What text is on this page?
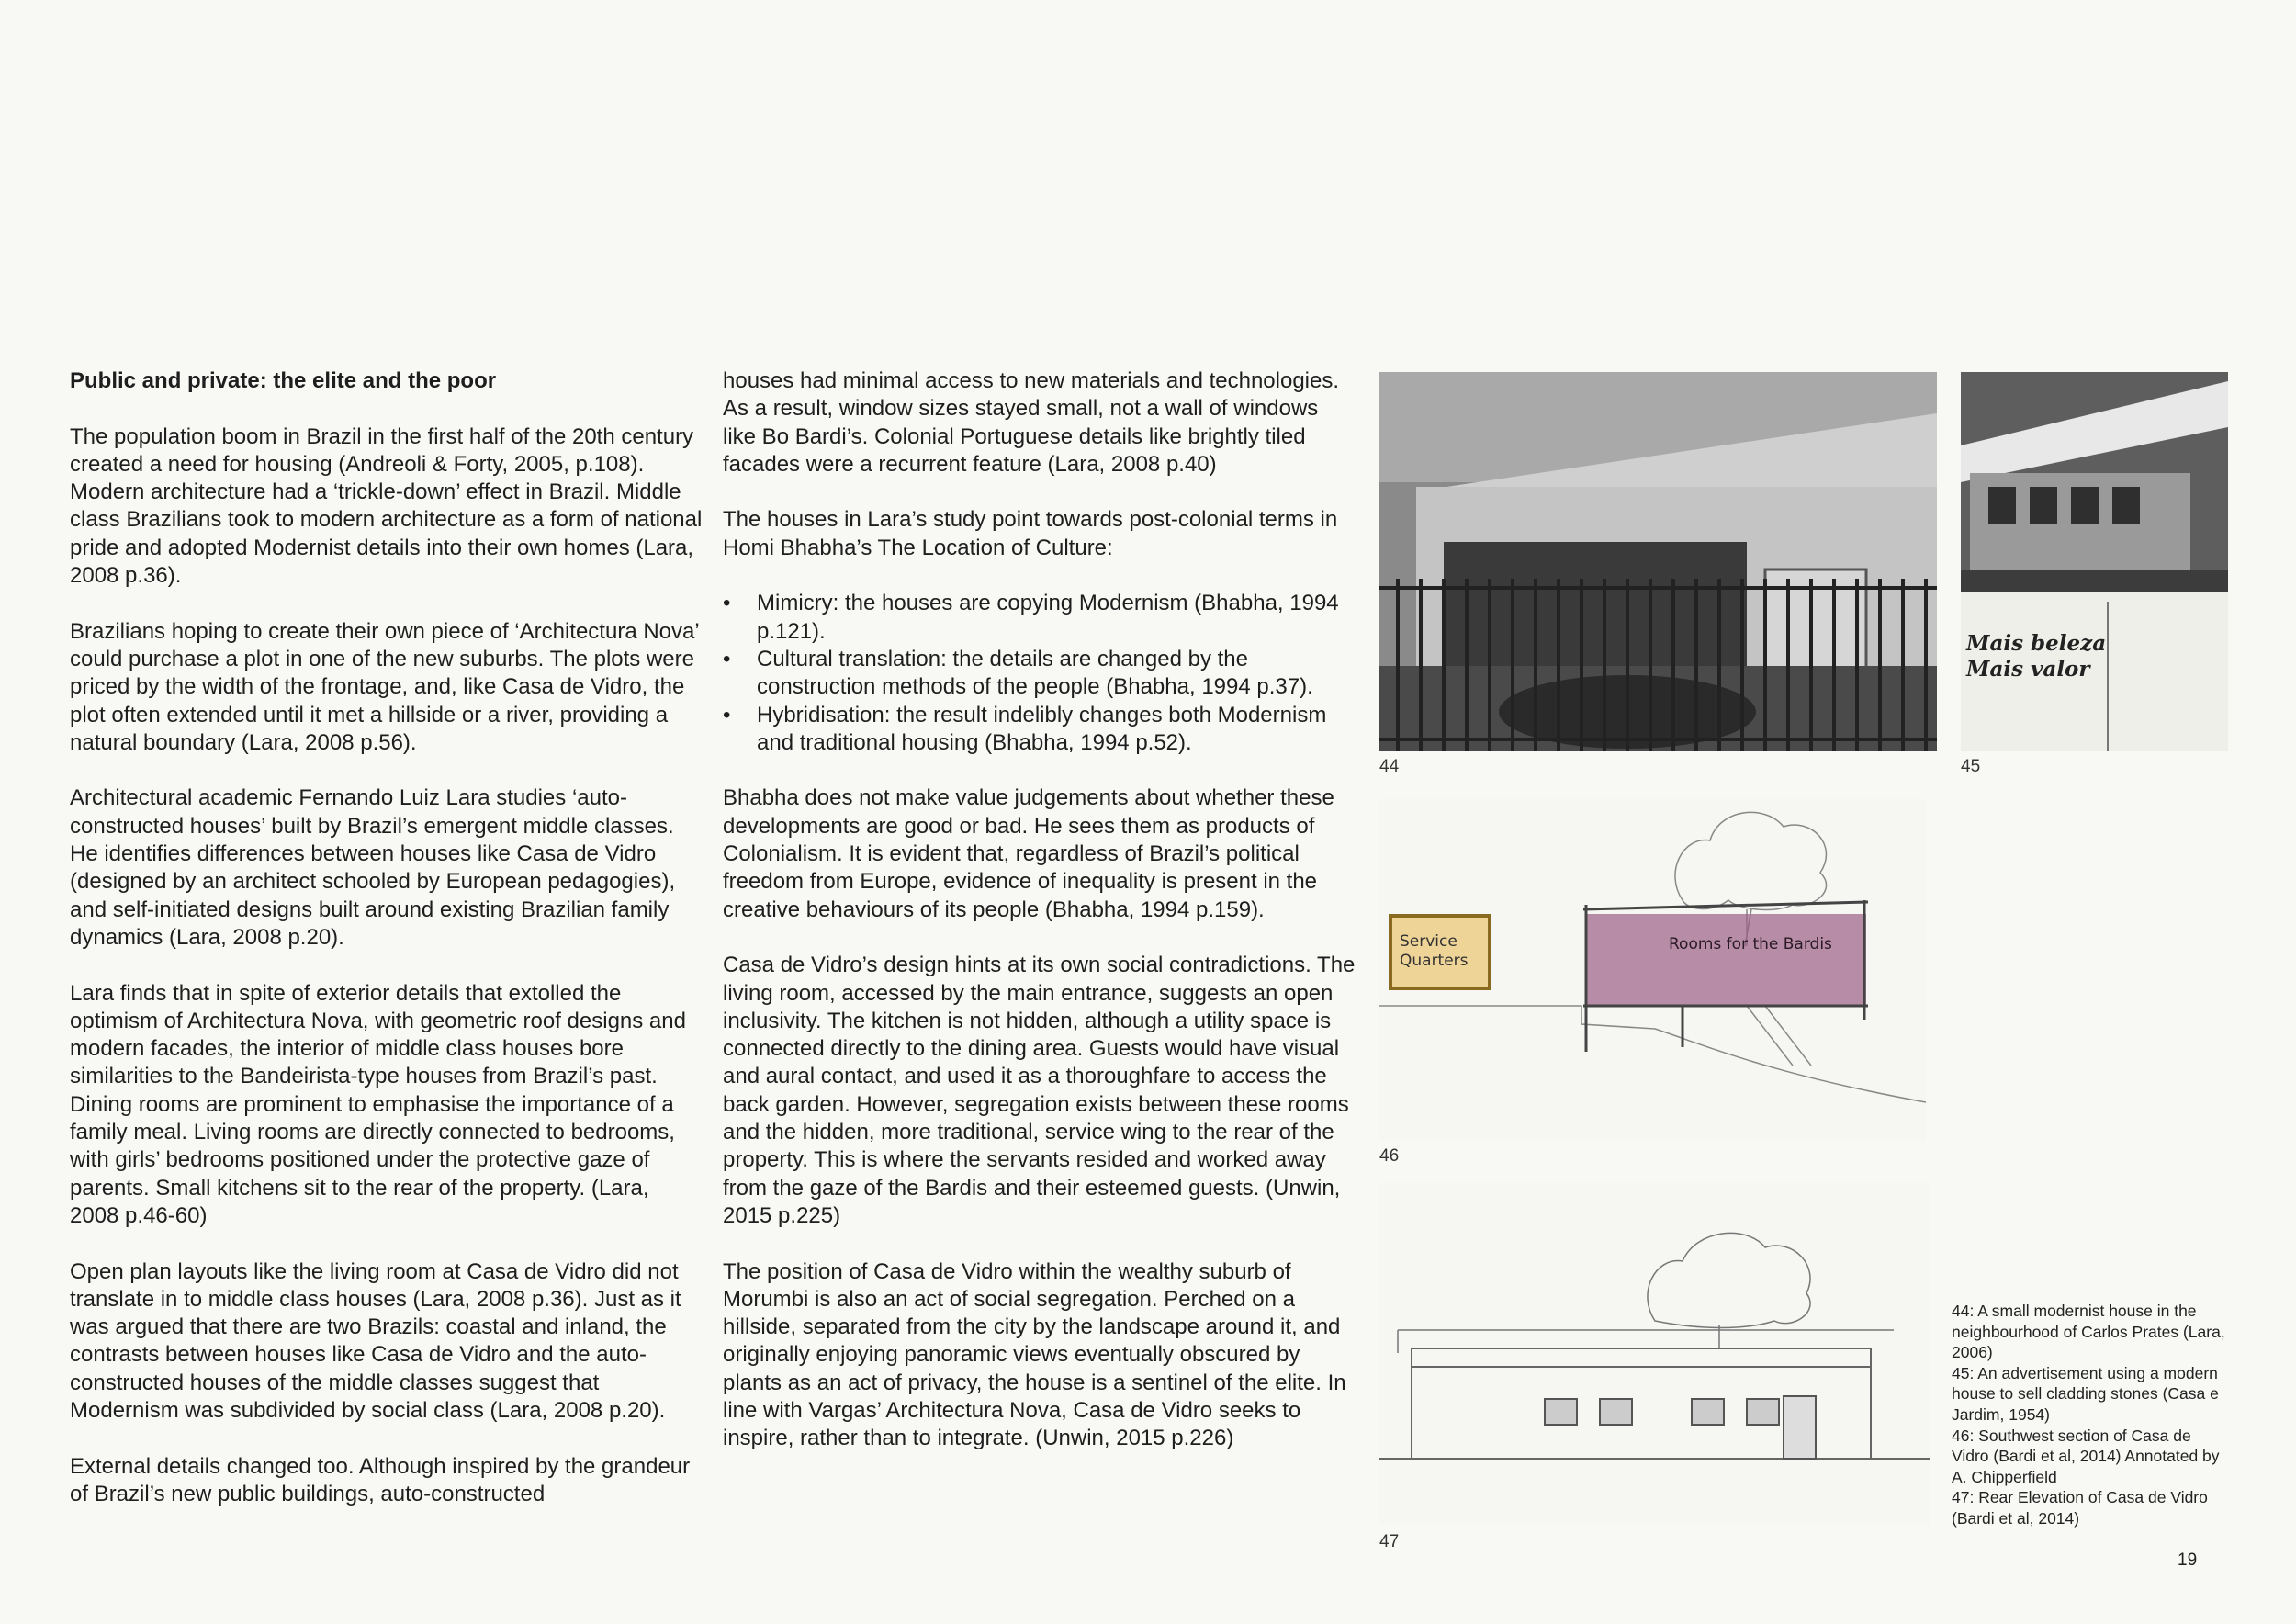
Public and private: the elite and the poor

The population boom in Brazil in the first half of the 20th century created a need for housing (Andreoli & Forty, 2005, p.108). Modern architecture had a ‘trickle-down’ effect in Brazil. Middle class Brazilians took to modern architecture as a form of national pride and adopted Modernist details into their own homes (Lara, 2008 p.36).

Brazilians hoping to create their own piece of ‘Architectura Nova’ could purchase a plot in one of the new suburbs. The plots were priced by the width of the frontage, and, like Casa de Vidro, the plot often extended until it met a hillside or a river, providing a natural boundary (Lara, 2008 p.56).

Architectural academic Fernando Luiz Lara studies ‘auto-constructed houses’ built by Brazil’s emergent middle classes. He identifies differences between houses like Casa de Vidro (designed by an architect schooled by European pedagogies), and self-initiated designs built around existing Brazilian family dynamics (Lara, 2008 p.20).

Lara finds that in spite of exterior details that extolled the optimism of Architectura Nova, with geometric roof designs and modern facades, the interior of middle class houses bore similarities to the Bandeirista-type houses from Brazil’s past. Dining rooms are prominent to emphasise the importance of a family meal. Living rooms are directly connected to bedrooms, with girls’ bedrooms positioned under the protective gaze of parents. Small kitchens sit to the rear of the property. (Lara, 2008 p.46-60)

Open plan layouts like the living room at Casa de Vidro did not translate in to middle class houses (Lara, 2008 p.36). Just as it was argued that there are two Brazils: coastal and inland, the contrasts between houses like Casa de Vidro and the auto-constructed houses of the middle classes suggest that Modernism was subdivided by social class (Lara, 2008 p.20).

External details changed too. Although inspired by the grandeur of Brazil’s new public buildings, auto-constructed

houses had minimal access to new materials and technologies. As a result, window sizes stayed small, not a wall of windows like Bo Bardi’s. Colonial Portuguese details like brightly tiled facades were a recurrent feature (Lara, 2008 p.40)

The houses in Lara’s study point towards post-colonial terms in Homi Bhabha’s The Location of Culture:

• Mimicry: the houses are copying Modernism (Bhabha, 1994 p.121).
• Cultural translation: the details are changed by the construction methods of the people (Bhabha, 1994 p.37).
• Hybridisation: the result indelibly changes both Modernism and traditional housing (Bhabha, 1994 p.52).

Bhabha does not make value judgements about whether these developments are good or bad. He sees them as products of Colonialism. It is evident that, regardless of Brazil’s political freedom from Europe, evidence of inequality is present in the creative behaviours of its people (Bhabha, 1994 p.159).

Casa de Vidro’s design hints at its own social contradictions. The living room, accessed by the main entrance, suggests an open inclusivity. The kitchen is not hidden, although a utility space is connected directly to the dining area. Guests would have visual and aural contact, and used it as a thoroughfare to access the back garden. However, segregation exists between these rooms and the hidden, more traditional, service wing to the rear of the property. This is where the servants resided and worked away from the gaze of the Bardis and their esteemed guests. (Unwin, 2015 p.225)

The position of Casa de Vidro within the wealthy suburb of Morumbi is also an act of social segregation. Perched on a hillside, separated from the city by the landscape around it, and originally enjoying panoramic views eventually obscured by plants as an act of privacy, the house is a sentinel of the elite. In line with Vargas’ Architectura Nova, Casa de Vidro seeks to inspire, rather than to integrate. (Unwin, 2015 p.226)

44
Mais beleza
Mais valor
45
Service
Quarters
Rooms for the Bardis
46
47
44: A small modernist house in the neighbourhood of Carlos Prates (Lara, 2006)
45: An advertisement using a modern house to sell cladding stones (Casa e Jardim, 1954)
46: Southwest section of Casa de Vidro (Bardi et al, 2014) Annotated by A. Chipperfield
47: Rear Elevation of Casa de Vidro (Bardi et al, 2014)
19
